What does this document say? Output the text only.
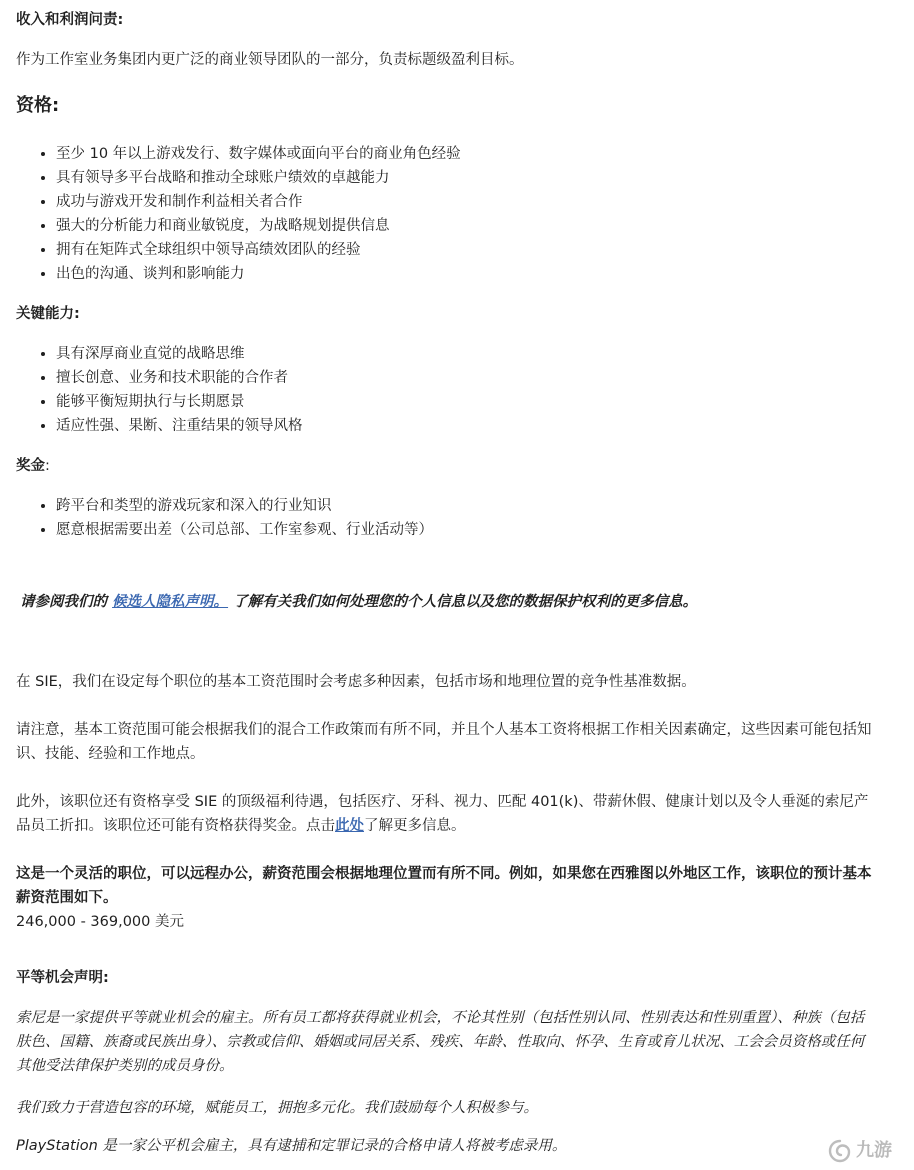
收入和利润问责:

作为工作室业务集团内更广泛的商业领导团队的一部分，负责标题级盈利目标。

资格:

• 至少 10 年以上游戏发行、数字媒体或面向平台的商业角色经验
• 具有领导多平台战略和推动全球账户绩效的卓越能力
• 成功与游戏开发和制作利益相关者合作
• 强大的分析能力和商业敏锐度，为战略规划提供信息
• 拥有在矩阵式全球组织中领导高绩效团队的经验
• 出色的沟通、谈判和影响能力

关键能力:

• 具有深厚商业直觉的战略思维
• 擅长创意、业务和技术职能的合作者
• 能够平衡短期执行与长期愿景
• 适应性强、果断、注重结果的领导风格

奖金:

• 跨平台和类型的游戏玩家和深入的行业知识
• 愿意根据需要出差（公司总部、工作室参观、行业活动等）

请参阅我们的 候选人隐私声明。 了解有关我们如何处理您的个人信息以及您的数据保护权利的更多信息。

在 SIE，我们在设定每个职位的基本工资范围时会考虑多种因素，包括市场和地理位置的竞争性基准数据。

请注意，基本工资范围可能会根据我们的混合工作政策而有所不同，并且个人基本工资将根据工作相关因素确定，这些因素可能包括知识、技能、经验和工作地点。

此外，该职位还有资格享受 SIE 的顶级福利待遇，包括医疗、牙科、视力、匹配 401(k)、带薪休假、健康计划以及令人垂涎的索尼产品员工折扣。该职位还可能有资格获得奖金。点击此处了解更多信息。

这是一个灵活的职位，可以远程办公，薪资范围会根据地理位置而有所不同。例如，如果您在西雅图以外地区工作，该职位的预计基本薪资范围如下。

246,000 - 369,000 美元

平等机会声明:

索尼是一家提供平等就业机会的雇主。所有员工都将获得就业机会，不论其性别（包括性别认同、性别表达和性别重置）、种族（包括肤色、国籍、族裔或民族出身）、宗教或信仰、婚姻或同居关系、残疾、年龄、性取向、怀孕、生育或育儿状况、工会会员资格或任何其他受法律保护类别的成员身份。

我们致力于营造包容的环境，赋能员工，拥抱多元化。我们鼓励每个人积极参与。

PlayStation 是一家公平机会雇主，具有逮捕和定罪记录的合格申请人将被考虑录用。	九游
